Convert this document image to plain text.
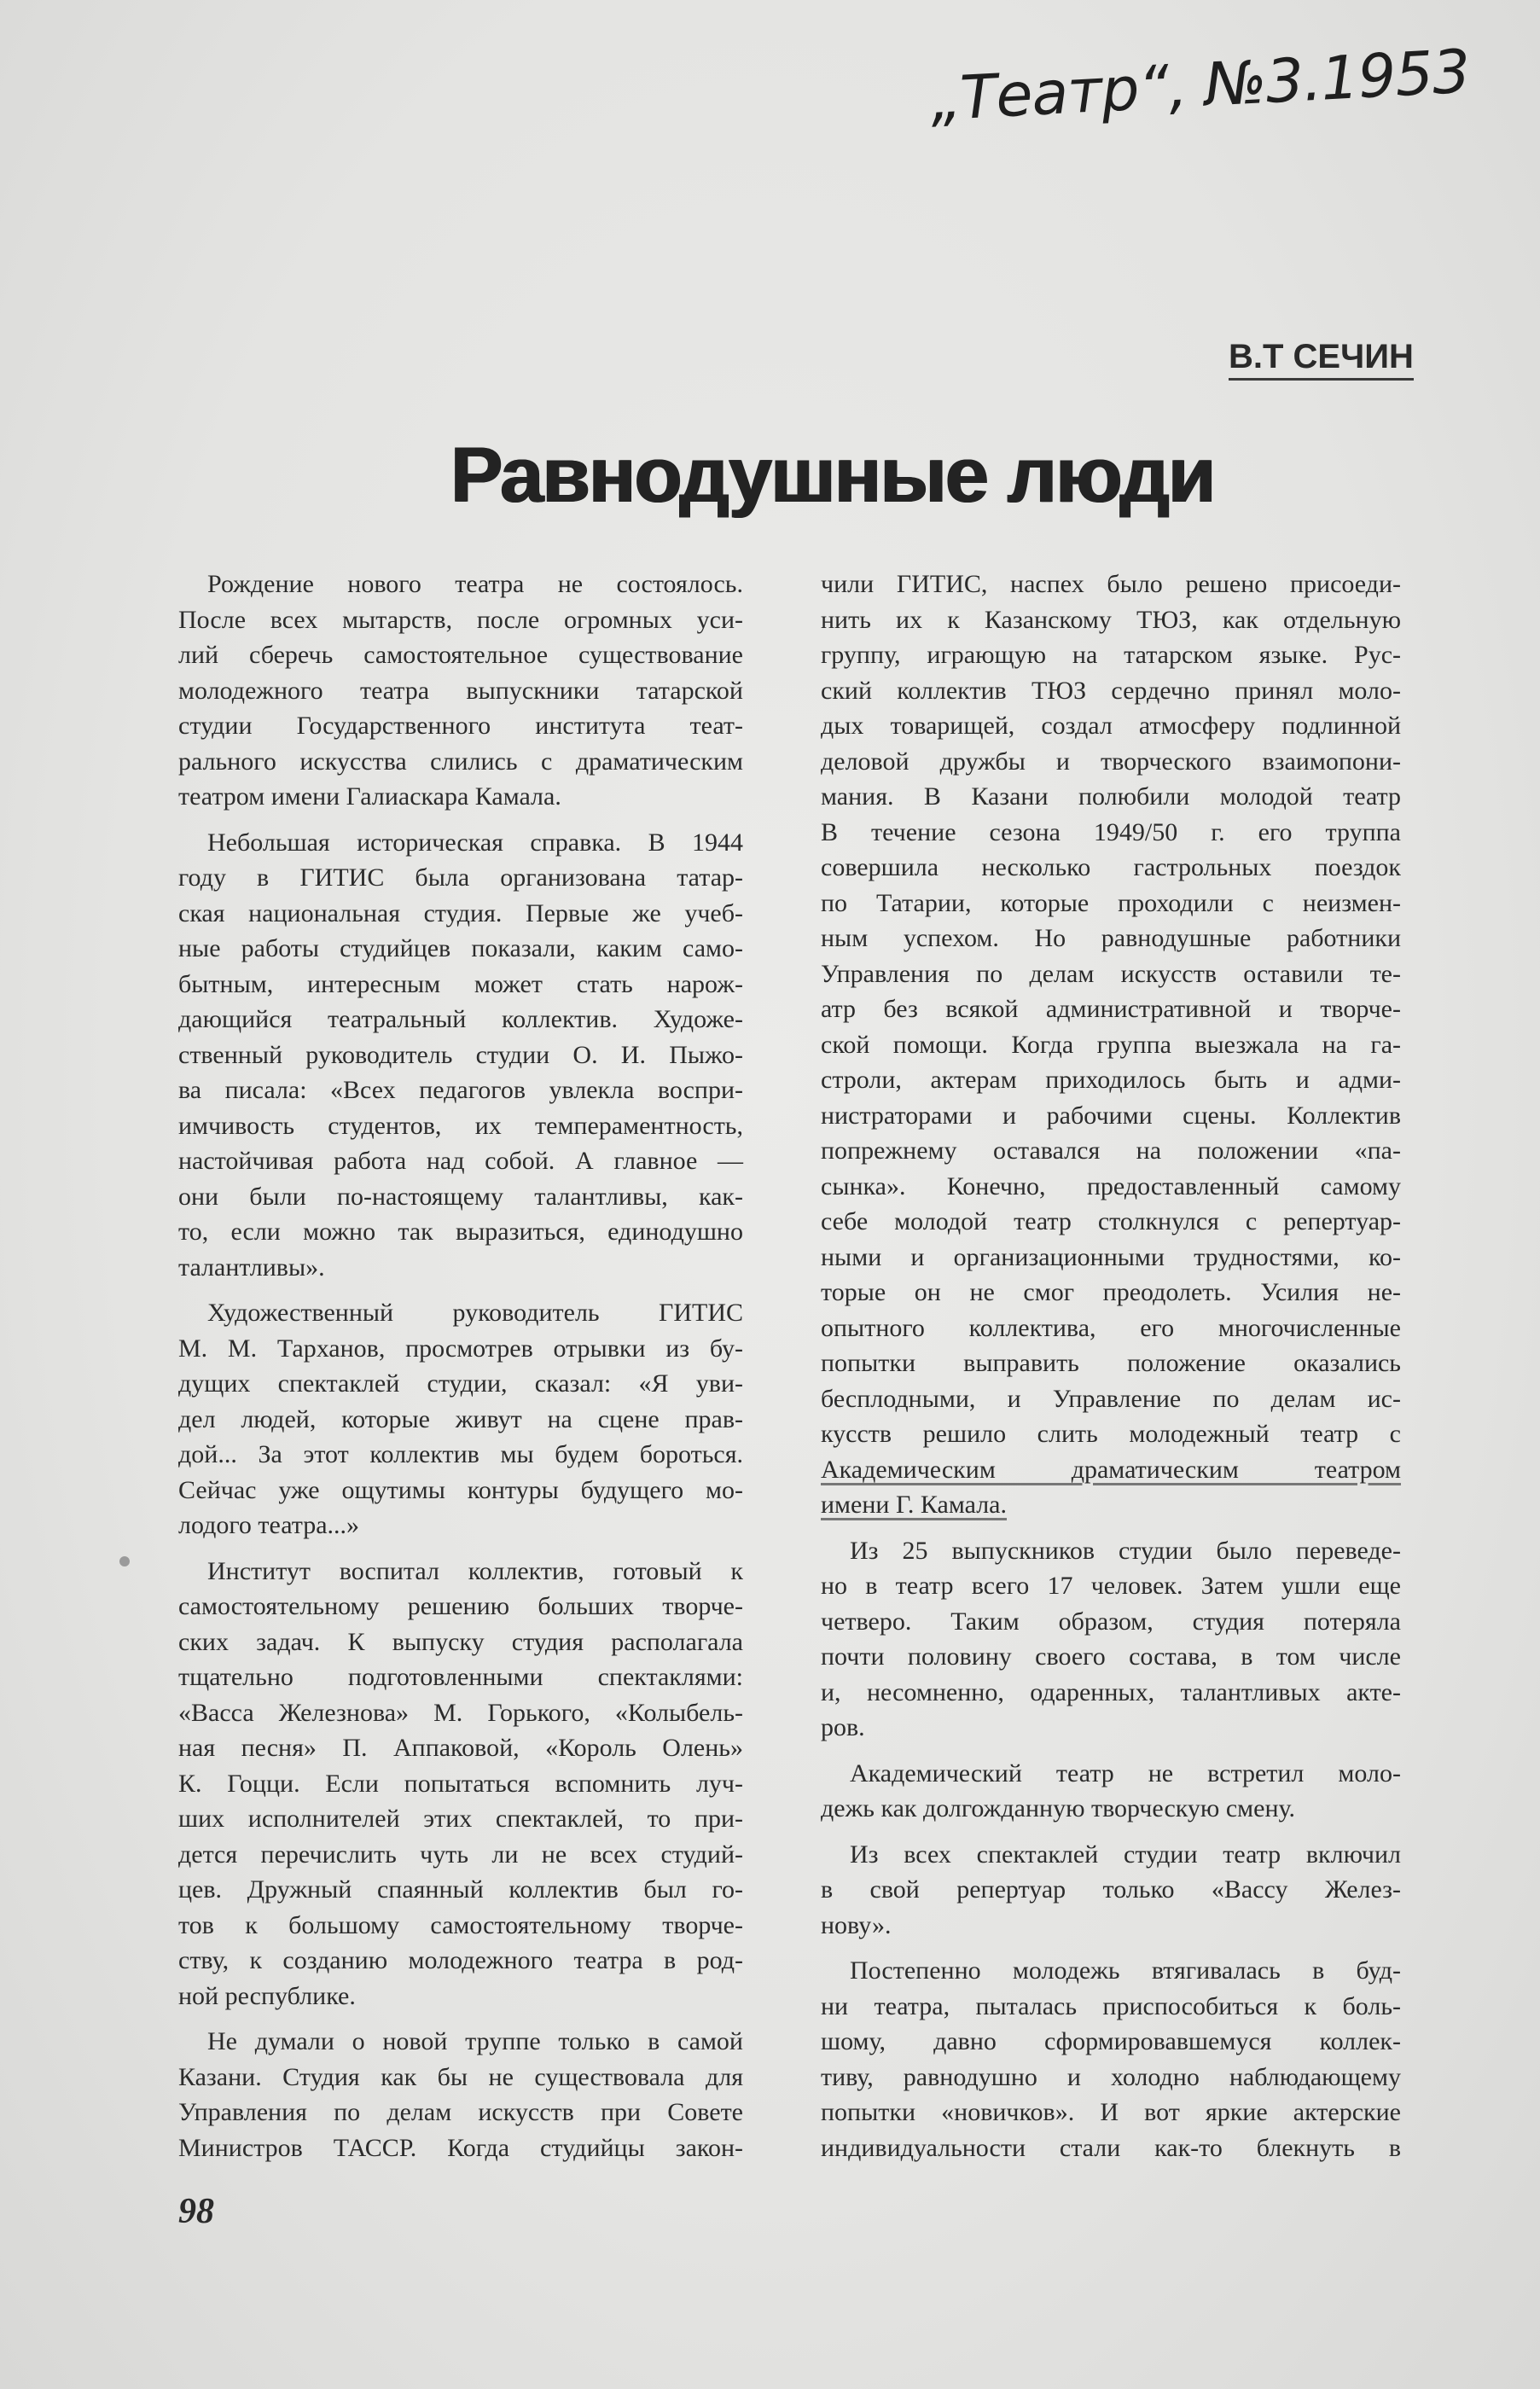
„Театр“, №3.1953
В.Т СЕЧИН
Равнодушные люди
Рождение нового театра не состоялось.
После всех мытарств, после огромных уси-
лий сберечь самостоятельное существование
молодежного театра выпускники татарской
студии Государственного института теат-
рального искусства слились с драматическим
театром имени Галиаскара Камала.
Небольшая историческая справка. В 1944
году в ГИТИС была организована татар-
ская национальная студия. Первые же учеб-
ные работы студийцев показали, каким само-
бытным, интересным может стать нарож-
дающийся театральный коллектив. Художе-
ственный руководитель студии О. И. Пыжо-
ва писала: «Всех педагогов увлекла воспри-
имчивость студентов, их темпераментность,
настойчивая работа над собой. А главное —
они были по-настоящему талантливы, как-
то, если можно так выразиться, единодушно
талантливы».
Художественный руководитель ГИТИС
М. М. Тарханов, просмотрев отрывки из бу-
дущих спектаклей студии, сказал: «Я уви-
дел людей, которые живут на сцене прав-
дой... За этот коллектив мы будем бороться.
Сейчас уже ощутимы контуры будущего мо-
лодого театра...»
Институт воспитал коллектив, готовый к
самостоятельному решению больших творче-
ских задач. К выпуску студия располагала
тщательно подготовленными спектаклями:
«Васса Железнова» М. Горького, «Колыбель-
ная песня» П. Аппаковой, «Король Олень»
К. Гоцци. Если попытаться вспомнить луч-
ших исполнителей этих спектаклей, то при-
дется перечислить чуть ли не всех студий-
цев. Дружный спаянный коллектив был го-
тов к большому самостоятельному творче-
ству, к созданию молодежного театра в род-
ной республике.
Не думали о новой труппе только в самой
Казани. Студия как бы не существовала для
Управления по делам искусств при Совете
Министров ТАССР. Когда студийцы закон-
чили ГИТИС, наспех было решено присоеди-
нить их к Казанскому ТЮЗ, как отдельную
группу, играющую на татарском языке. Рус-
ский коллектив ТЮЗ сердечно принял моло-
дых товарищей, создал атмосферу подлинной
деловой дружбы и творческого взаимопони-
мания. В Казани полюбили молодой театр
В течение сезона 1949/50 г. его труппа
совершила несколько гастрольных поездок
по Татарии, которые проходили с неизмен-
ным успехом. Но равнодушные работники
Управления по делам искусств оставили те-
атр без всякой административной и творче-
ской помощи. Когда группа выезжала на га-
строли, актерам приходилось быть и адми-
нистраторами и рабочими сцены. Коллектив
попрежнему оставался на положении «па-
сынка». Конечно, предоставленный самому
себе молодой театр столкнулся с репертуар-
ными и организационными трудностями, ко-
торые он не смог преодолеть. Усилия не-
опытного коллектива, его многочисленные
попытки выправить положение оказались
бесплодными, и Управление по делам ис-
кусств решило слить молодежный театр с
Академическим драматическим театром
имени Г. Камала.
Из 25 выпускников студии было переведе-
но в театр всего 17 человек. Затем ушли еще
четверо. Таким образом, студия потеряла
почти половину своего состава, в том числе
и, несомненно, одаренных, талантливых акте-
ров.
Академический театр не встретил моло-
дежь как долгожданную творческую смену.
Из всех спектаклей студии театр включил
в свой репертуар только «Вассу Желез-
нову».
Постепенно молодежь втягивалась в буд-
ни театра, пыталась приспособиться к боль-
шому, давно сформировавшемуся коллек-
тиву, равнодушно и холодно наблюдающему
попытки «новичков». И вот яркие актерские
индивидуальности стали как-то блекнуть в
98
